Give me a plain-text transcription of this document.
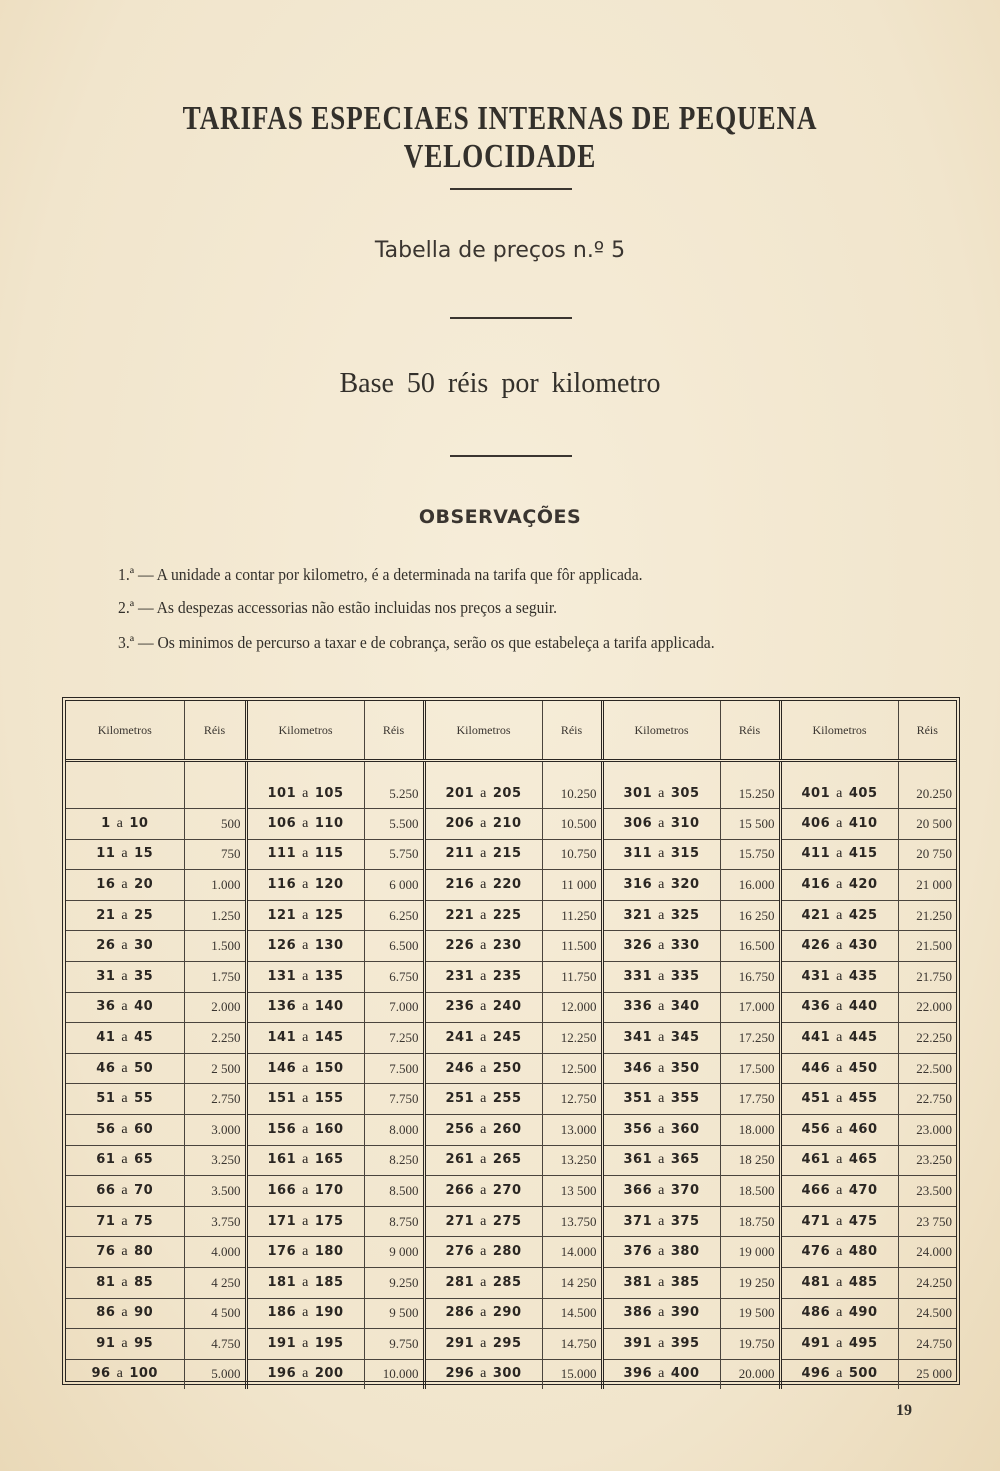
TARIFAS ESPECIAES INTERNAS DE PEQUENA VELOCIDADE
Tabella de preços n.º 5
Base 50 réis por kilometro
OBSERVAÇÕES
1.ª — A unidade a contar por kilometro, é a determinada na tarifa que fôr applicada.
2.ª — As despezas accessorias não estão incluidas nos preços a seguir.
3.ª — Os minimos de percurso a taxar e de cobrança, serão os que estabeleça a tarifa applicada.
Kilometros	Réis	Kilometros	Réis	Kilometros	Réis	Kilometros	Réis	Kilometros	Réis
		101 a 105	5.250	201 a 205	10.250	301 a 305	15.250	401 a 405	20.250
1 a 10	500	106 a 110	5.500	206 a 210	10.500	306 a 310	15 500	406 a 410	20 500
11 a 15	750	111 a 115	5.750	211 a 215	10.750	311 a 315	15.750	411 a 415	20 750
16 a 20	1.000	116 a 120	6 000	216 a 220	11 000	316 a 320	16.000	416 a 420	21 000
21 a 25	1.250	121 a 125	6.250	221 a 225	11.250	321 a 325	16 250	421 a 425	21.250
26 a 30	1.500	126 a 130	6.500	226 a 230	11.500	326 a 330	16.500	426 a 430	21.500
31 a 35	1.750	131 a 135	6.750	231 a 235	11.750	331 a 335	16.750	431 a 435	21.750
36 a 40	2.000	136 a 140	7.000	236 a 240	12.000	336 a 340	17.000	436 a 440	22.000
41 a 45	2.250	141 a 145	7.250	241 a 245	12.250	341 a 345	17.250	441 a 445	22.250
46 a 50	2 500	146 a 150	7.500	246 a 250	12.500	346 a 350	17.500	446 a 450	22.500
51 a 55	2.750	151 a 155	7.750	251 a 255	12.750	351 a 355	17.750	451 a 455	22.750
56 a 60	3.000	156 a 160	8.000	256 a 260	13.000	356 a 360	18.000	456 a 460	23.000
61 a 65	3.250	161 a 165	8.250	261 a 265	13.250	361 a 365	18 250	461 a 465	23.250
66 a 70	3.500	166 a 170	8.500	266 a 270	13 500	366 a 370	18.500	466 a 470	23.500
71 a 75	3.750	171 a 175	8.750	271 a 275	13.750	371 a 375	18.750	471 a 475	23 750
76 a 80	4.000	176 a 180	9 000	276 a 280	14.000	376 a 380	19 000	476 a 480	24.000
81 a 85	4 250	181 a 185	9.250	281 a 285	14 250	381 a 385	19 250	481 a 485	24.250
86 a 90	4 500	186 a 190	9 500	286 a 290	14.500	386 a 390	19 500	486 a 490	24.500
91 a 95	4.750	191 a 195	9.750	291 a 295	14.750	391 a 395	19.750	491 a 495	24.750
96 a 100	5.000	196 a 200	10.000	296 a 300	15.000	396 a 400	20.000	496 a 500	25 000
19
